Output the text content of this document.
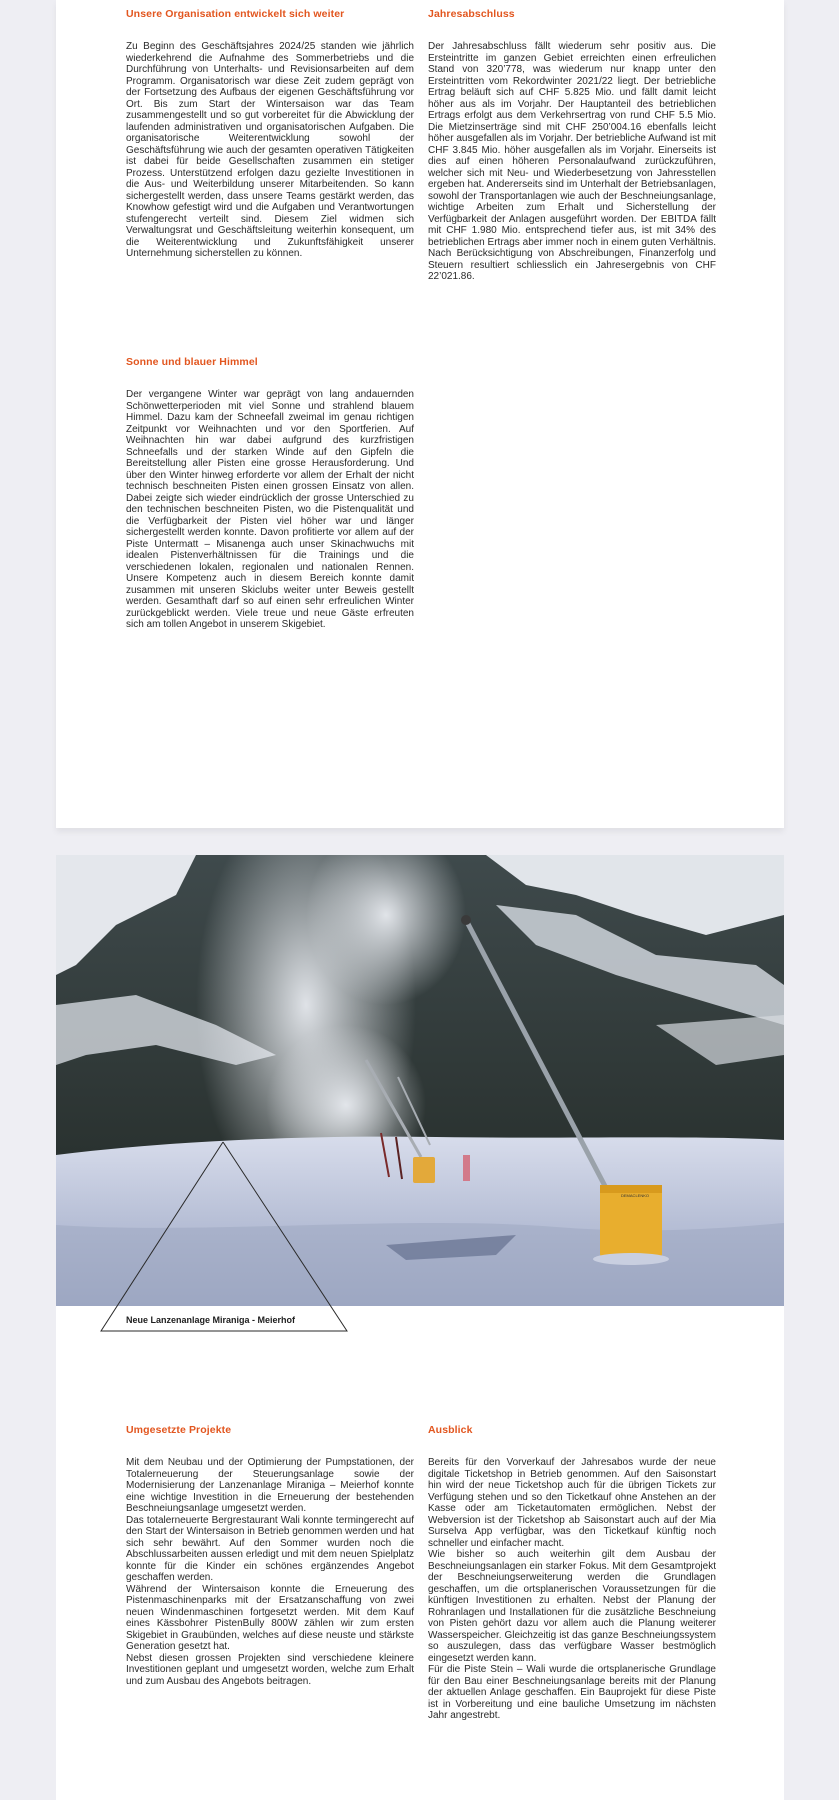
Unsere Organisation entwickelt sich weiter

Zu Beginn des Geschäftsjahres 2024/25 standen wie jährlich wiederkehrend die Aufnahme des Sommerbetriebs und die Durchführung von Unterhalts- und Revisionsarbeiten auf dem Programm. Organisatorisch war diese Zeit zudem geprägt von der Fortsetzung des Aufbaus der eigenen Geschäftsführung vor Ort. Bis zum Start der Wintersaison war das Team zusammengestellt und so gut vorbereitet für die Abwicklung der laufenden administrativen und organisatorischen Aufgaben. Die organisatorische Weiterentwicklung sowohl der Geschäftsführung wie auch der gesamten operativen Tätigkeiten ist dabei für beide Gesellschaften zusammen ein stetiger Prozess. Unterstützend erfolgen dazu gezielte Investitionen in die Aus- und Weiterbildung unserer Mitarbeitenden. So kann sichergestellt werden, dass unsere Teams gestärkt werden, das Knowhow gefestigt wird und die Aufgaben und Verantwortungen stufengerecht verteilt sind. Diesem Ziel widmen sich Verwaltungsrat und Geschäftsleitung weiterhin konsequent, um die Weiterentwicklung und Zukunftsfähigkeit unserer Unternehmung sicherstellen zu können.

Sonne und blauer Himmel

Der vergangene Winter war geprägt von lang andauernden Schönwetterperioden mit viel Sonne und strahlend blauem Himmel. Dazu kam der Schneefall zweimal im genau richtigen Zeitpunkt vor Weihnachten und vor den Sportferien. Auf Weihnachten hin war dabei aufgrund des kurzfristigen Schneefalls und der starken Winde auf den Gipfeln die Bereitstellung aller Pisten eine grosse Herausforderung. Und über den Winter hinweg erforderte vor allem der Erhalt der nicht technisch beschneiten Pisten einen grossen Einsatz von allen. Dabei zeigte sich wieder eindrücklich der grosse Unterschied zu den technischen beschneiten Pisten, wo die Pistenqualität und die Verfügbarkeit der Pisten viel höher war und länger sichergestellt werden konnte. Davon profitierte vor allem auf der Piste Untermatt – Misanenga auch unser Skinachwuchs mit idealen Pistenverhältnissen für die Trainings und die verschiedenen lokalen, regionalen und nationalen Rennen. Unsere Kompetenz auch in diesem Bereich konnte damit zusammen mit unseren Skiclubs weiter unter Beweis gestellt werden. Gesamthaft darf so auf einen sehr erfreulichen Winter zurückgeblickt werden. Viele treue und neue Gäste erfreuten sich am tollen Angebot in unserem Skigebiet.

Jahresabschluss

Der Jahresabschluss fällt wiederum sehr positiv aus. Die Ersteintritte im ganzen Gebiet erreichten einen erfreulichen Stand von 320’778, was wiederum nur knapp unter den Ersteintritten vom Rekordwinter 2021/22 liegt. Der betriebliche Ertrag beläuft sich auf CHF 5.825 Mio. und fällt damit leicht höher aus als im Vorjahr. Der Hauptanteil des betrieblichen Ertrags erfolgt aus dem Verkehrsertrag von rund CHF 5.5 Mio. Die Mietzinserträge sind mit CHF 250’004.16 ebenfalls leicht höher ausgefallen als im Vorjahr. Der betriebliche Aufwand ist mit CHF 3.845 Mio. höher ausgefallen als im Vorjahr. Einerseits ist dies auf einen höheren Personalaufwand zurückzuführen, welcher sich mit Neu- und Wiederbesetzung von Jahresstellen ergeben hat. Andererseits sind im Unterhalt der Betriebsanlagen, sowohl der Transportanlagen wie auch der Beschneiungsanlage, wichtige Arbeiten zum Erhalt und Sicherstellung der Verfügbarkeit der Anlagen ausgeführt worden. Der EBITDA fällt mit CHF 1.980 Mio. entsprechend tiefer aus, ist mit 34% des betrieblichen Ertrags aber immer noch in einem guten Verhältnis. Nach Berücksichtigung von Abschreibungen, Finanzerfolg und Steuern resultiert schliesslich ein Jahresergebnis von CHF 22’021.86.

DEMACLENKO
Neue Lanzenanlage Miraniga - Meierhof
Umgesetzte Projekte

Mit dem Neubau und der Optimierung der Pumpstationen, der Totalerneuerung der Steuerungsanlage sowie der Modernisierung der Lanzenanlage Miraniga – Meierhof konnte eine wichtige Investition in die Erneuerung der bestehenden Beschneiungsanlage umgesetzt werden.

Das totalerneuerte Bergrestaurant Wali konnte termingerecht auf den Start der Wintersaison in Betrieb genommen werden und hat sich sehr bewährt. Auf den Sommer wurden noch die Abschlussarbeiten aussen erledigt und mit dem neuen Spielplatz konnte für die Kinder ein schönes ergänzendes Angebot geschaffen werden.

Während der Wintersaison konnte die Erneuerung des Pistenmaschinenparks mit der Ersatzanschaffung von zwei neuen Windenmaschinen fortgesetzt werden. Mit dem Kauf eines Kässbohrer PistenBully 800W zählen wir zum ersten Skigebiet in Graubünden, welches auf diese neuste und stärkste Generation gesetzt hat.

Nebst diesen grossen Projekten sind verschiedene kleinere Investitionen geplant und umgesetzt worden, welche zum Erhalt und zum Ausbau des Angebots beitragen.

Ausblick

Bereits für den Vorverkauf der Jahresabos wurde der neue digitale Ticketshop in Betrieb genommen. Auf den Saisonstart hin wird der neue Ticketshop auch für die übrigen Tickets zur Verfügung stehen und so den Ticketkauf ohne Anstehen an der Kasse oder am Ticketautomaten ermöglichen. Nebst der Webversion ist der Ticketshop ab Saisonstart auch auf der Mia Surselva App verfügbar, was den Ticketkauf künftig noch schneller und einfacher macht.

Wie bisher so auch weiterhin gilt dem Ausbau der Beschneiungsanlagen ein starker Fokus. Mit dem Gesamtprojekt der Beschneiungserweiterung werden die Grundlagen geschaffen, um die ortsplanerischen Voraussetzungen für die künftigen Investitionen zu erhalten. Nebst der Planung der Rohranlagen und Installationen für die zusätzliche Beschneiung von Pisten gehört dazu vor allem auch die Planung weiterer Wasserspeicher. Gleichzeitig ist das ganze Beschneiungssystem so auszulegen, dass das verfügbare Wasser bestmöglich eingesetzt werden kann.

Für die Piste Stein – Wali wurde die ortsplanerische Grundlage für den Bau einer Beschneiungsanlage bereits mit der Planung der aktuellen Anlage geschaffen. Ein Bauprojekt für diese Piste ist in Vorbereitung und eine bauliche Umsetzung im nächsten Jahr angestrebt.
